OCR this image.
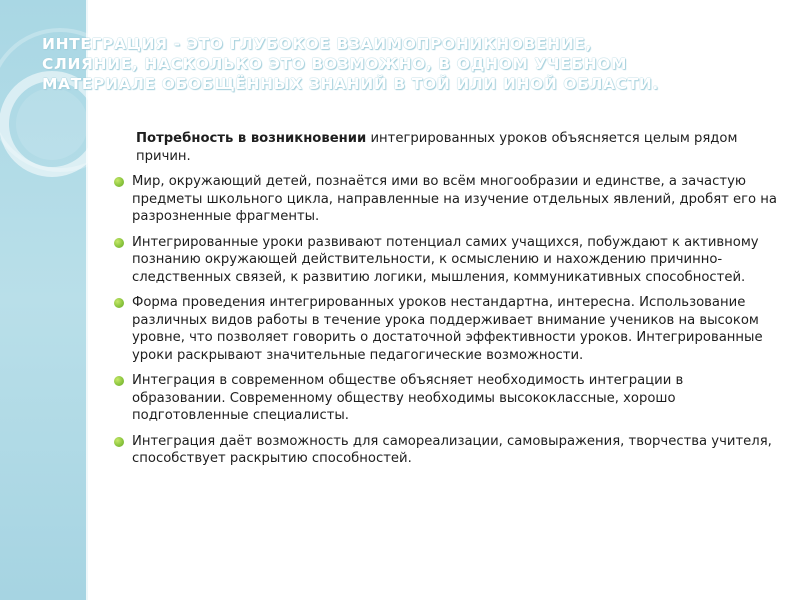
ИНТЕГРАЦИЯ - ЭТО ГЛУБОКОЕ ВЗАИМОПРОНИКНОВЕНИЕ, СЛИЯНИЕ, НАСКОЛЬКО ЭТО ВОЗМОЖНО, В ОДНОМ УЧЕБНОМ МАТЕРИАЛЕ ОБОБЩЁННЫХ ЗНАНИЙ В ТОЙ ИЛИ ИНОЙ ОБЛАСТИ.

Потребность в возникновении интегрированных уроков объясняется целым рядом причин.

Мир, окружающий детей, познаётся ими во всём многообразии и единстве, а зачастую предметы школьного цикла, направленные на изучение отдельных явлений, дробят его на разрозненные фрагменты.
Интегрированные уроки развивают потенциал самих учащихся, побуждают к активному познанию окружающей действительности, к осмыслению и нахождению причинно-следственных связей, к развитию логики, мышления, коммуникативных способностей.
Форма проведения интегрированных уроков нестандартна, интересна. Использование различных видов работы в течение урока поддерживает внимание учеников на высоком уровне, что позволяет говорить о достаточной эффективности уроков. Интегрированные уроки раскрывают значительные педагогические возможности.
Интеграция в современном обществе объясняет необходимость интеграции в образовании. Современному обществу необходимы высококлассные, хорошо подготовленные специалисты.
Интеграция даёт возможность для самореализации, самовыражения, творчества учителя, способствует раскрытию способностей.
